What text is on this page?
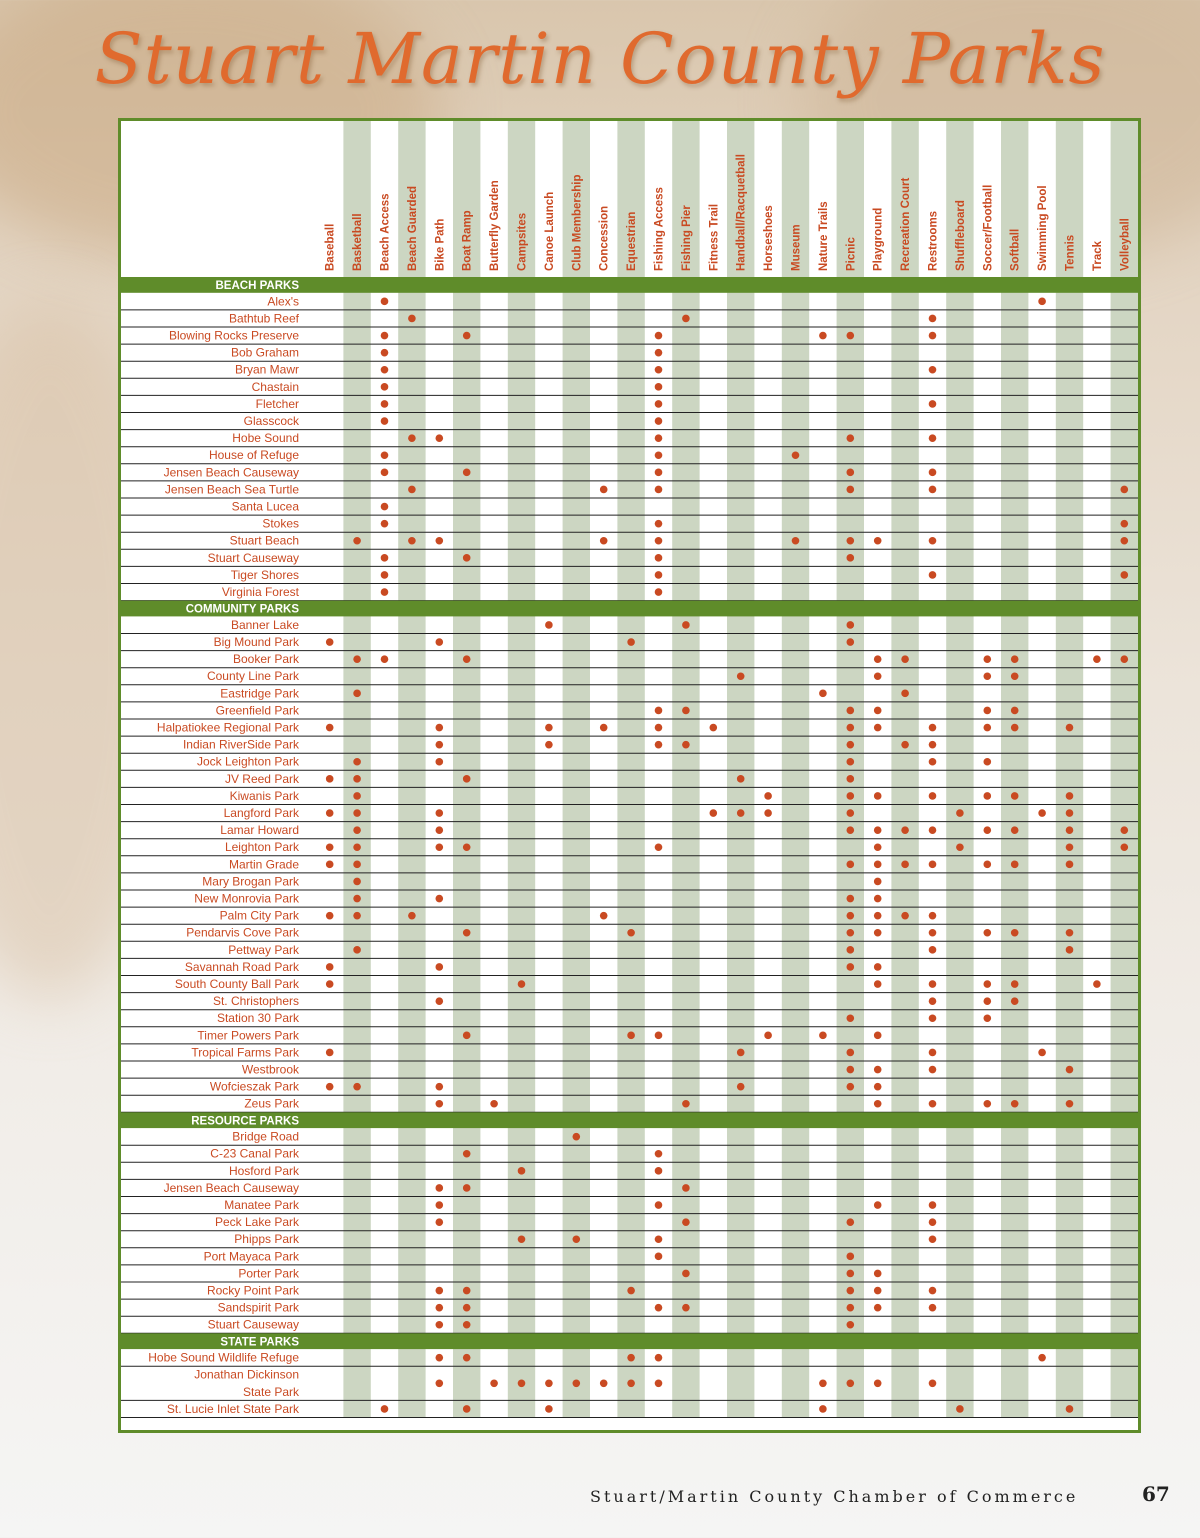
Stuart Martin County Parks
Baseball Basketball Beach Access Beach Guarded Bike Path Boat Ramp Butterfly Garden Campsites Canoe Launch Club Membership Concession Equestrian Fishing Access Fishing Pier Fitness Trail Handball/Racquetball Horseshoes Museum Nature Trails Picnic Playground Recreation Court Restrooms Shuffleboard Soccer/Football Softball Swimming Pool Tennis Track Volleyball
BEACH PARKS
Alex's
Bathtub Reef
Blowing Rocks Preserve
Bob Graham
Bryan Mawr
Chastain
Fletcher
Glasscock
Hobe Sound
House of Refuge
Jensen Beach Causeway
Jensen Beach Sea Turtle
Santa Lucea
Stokes
Stuart Beach
Stuart Causeway
Tiger Shores
Virginia Forest
COMMUNITY PARKS
Banner Lake
Big Mound Park
Booker Park
County Line Park
Eastridge Park
Greenfield Park
Halpatiokee Regional Park
Indian RiverSide Park
Jock Leighton Park
JV Reed Park
Kiwanis Park
Langford Park
Lamar Howard
Leighton Park
Martin Grade
Mary Brogan Park
New Monrovia Park
Palm City Park
Pendarvis Cove Park
Pettway Park
Savannah Road Park
South County Ball Park
St. Christophers
Station 30 Park
Timer Powers Park
Tropical Farms Park
Westbrook
Wofcieszak Park
Zeus Park
RESOURCE PARKS
Bridge Road
C-23 Canal Park
Hosford Park
Jensen Beach Causeway
Manatee Park
Peck Lake Park
Phipps Park
Port Mayaca Park
Porter Park
Rocky Point Park
Sandspirit Park
Stuart Causeway
STATE PARKS
Hobe Sound Wildlife Refuge
Jonathan Dickinson
State Park
St. Lucie Inlet State Park
Stuart/Martin County Chamber of Commerce	67
